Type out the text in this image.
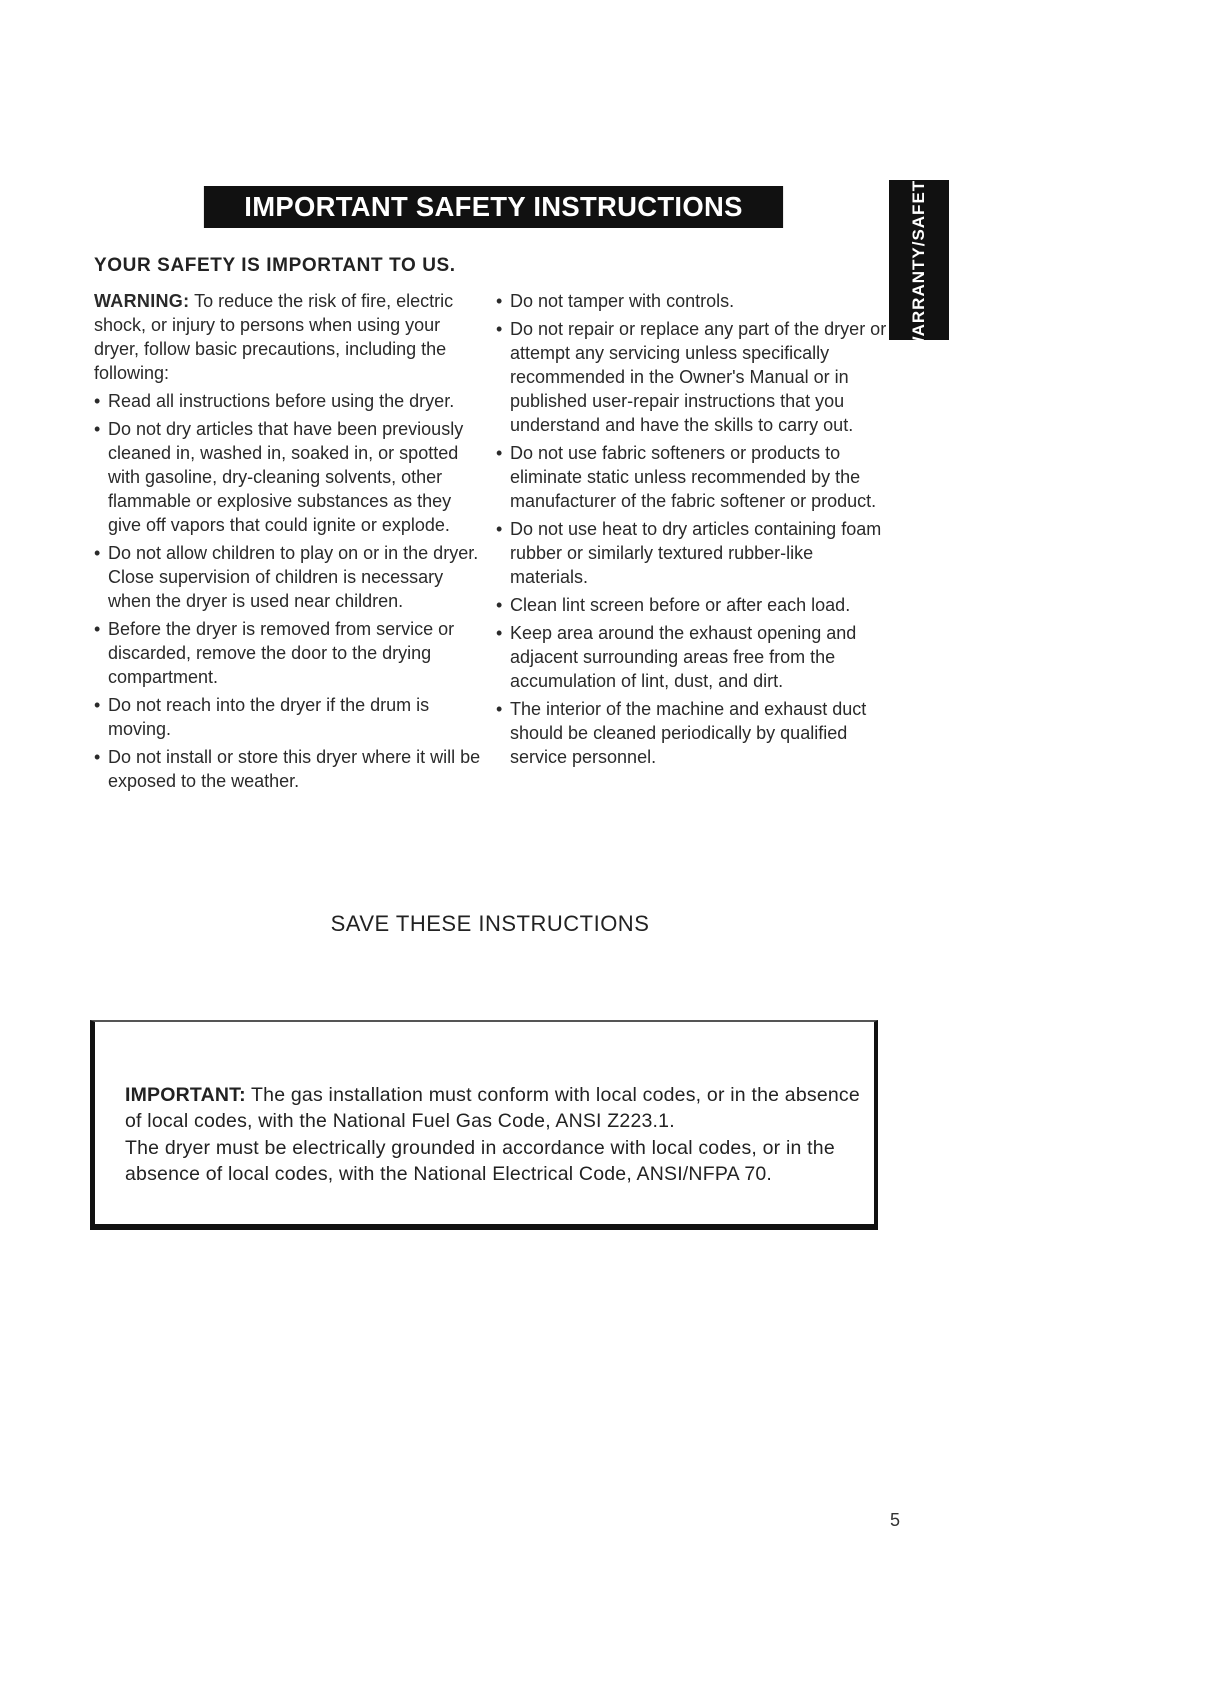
IMPORTANT SAFETY INSTRUCTIONS	WARRANTY/SAFETY
YOUR SAFETY IS IMPORTANT TO US.

WARNING: To reduce the risk of fire, electric shock, or injury to persons when using your dryer, follow basic precautions, including the following:

• Read all instructions before using the dryer.
• Do not dry articles that have been previously cleaned in, washed in, soaked in, or spotted with gasoline, dry-cleaning solvents, other flammable or explosive substances as they give off vapors that could ignite or explode.
• Do not allow children to play on or in the dryer. Close supervision of children is necessary when the dryer is used near children.
• Before the dryer is removed from service or discarded, remove the door to the drying compartment.
• Do not reach into the dryer if the drum is moving.
• Do not install or store this dryer where it will be exposed to the weather.
• Do not tamper with controls.
• Do not repair or replace any part of the dryer or attempt any servicing unless specifically recommended in the Owner's Manual or in published user-repair instructions that you understand and have the skills to carry out.
• Do not use fabric softeners or products to eliminate static unless recommended by the manufacturer of the fabric softener or product.
• Do not use heat to dry articles containing foam rubber or similarly textured rubber-like materials.
• Clean lint screen before or after each load.
• Keep area around the exhaust opening and adjacent surrounding areas free from the accumulation of lint, dust, and dirt.
• The interior of the machine and exhaust duct should be cleaned periodically by qualified service personnel.
SAVE THESE INSTRUCTIONS

IMPORTANT: The gas installation must conform with local codes, or in the absence of local codes, with the National Fuel Gas Code, ANSI Z223.1.

The dryer must be electrically grounded in accordance with local codes, or in the absence of local codes, with the National Electrical Code, ANSI/NFPA 70.

5
